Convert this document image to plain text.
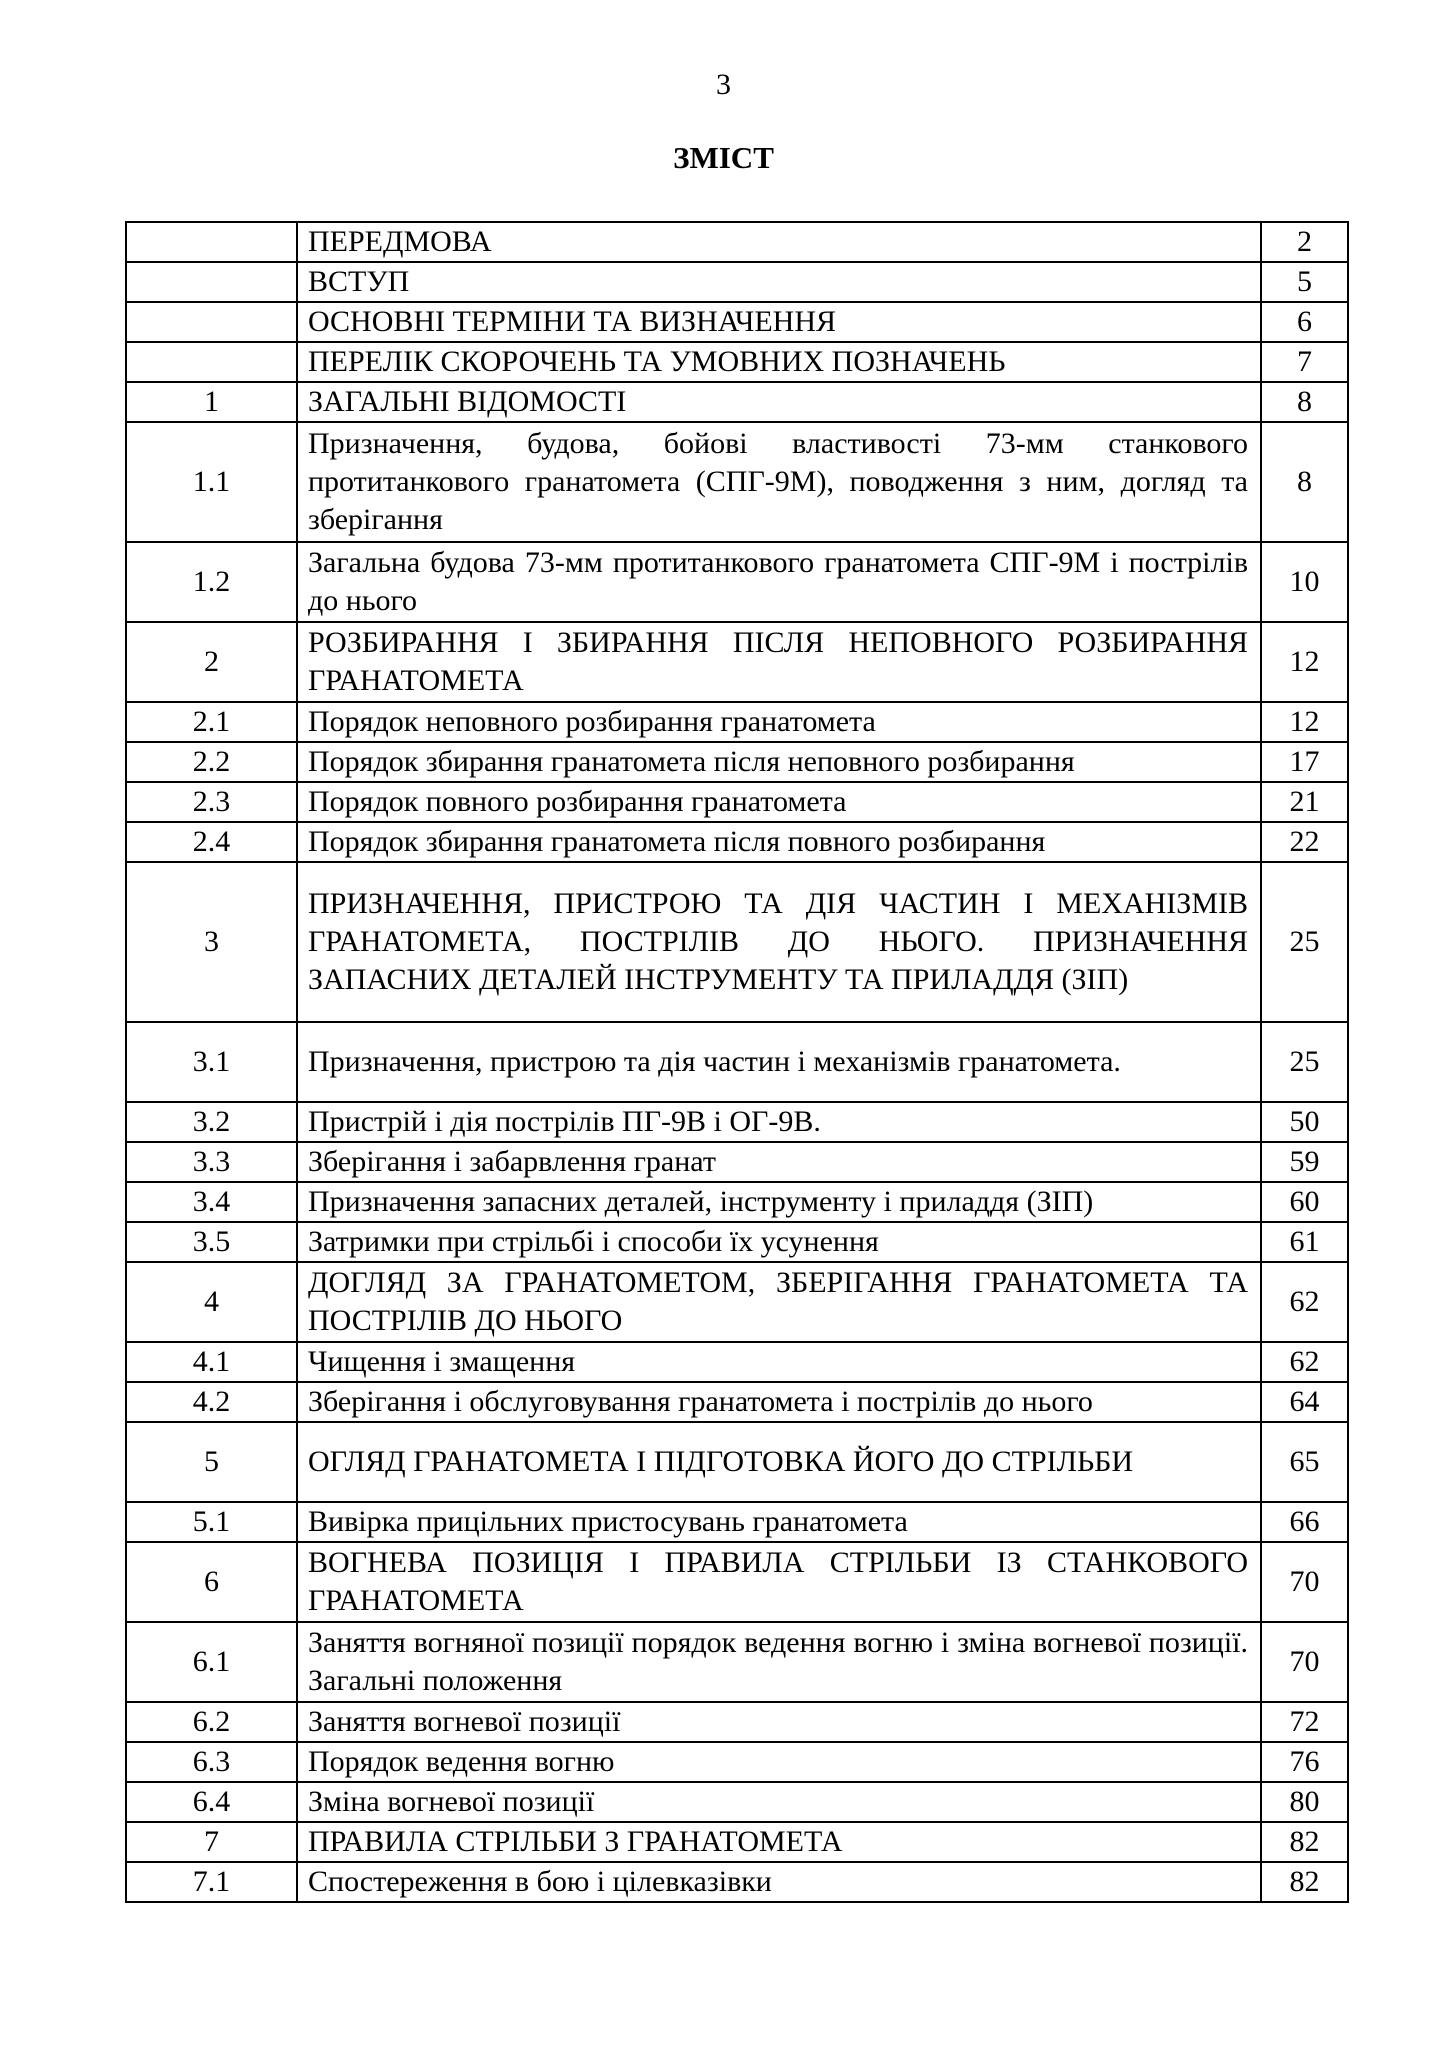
3
ЗМІСТ
	ПЕРЕДМОВА	2
	ВСТУП	5
	ОСНОВНІ ТЕРМІНИ ТА ВИЗНАЧЕННЯ	6
	ПЕРЕЛІК СКОРОЧЕНЬ ТА УМОВНИХ ПОЗНАЧЕНЬ	7
1	ЗАГАЛЬНІ ВІДОМОСТІ	8
1.1	Призначення, будова, бойові властивості 73-мм станкового протитанкового гранатомета (СПГ-9М), поводження з ним, догляд та зберігання	8
1.2	Загальна будова 73-мм протитанкового гранатомета СПГ-9М і пострілів до нього	10
2	РОЗБИРАННЯ І ЗБИРАННЯ ПІСЛЯ НЕПОВНОГО РОЗБИРАННЯ ГРАНАТОМЕТА	12
2.1	Порядок неповного розбирання гранатомета	12
2.2	Порядок збирання гранатомета після неповного розбирання	17
2.3	Порядок повного розбирання гранатомета	21
2.4	Порядок збирання гранатомета після повного розбирання	22
3	ПРИЗНАЧЕННЯ, ПРИСТРОЮ ТА ДІЯ ЧАСТИН І МЕХАНІЗМІВ ГРАНАТОМЕТА, ПОСТРІЛІВ ДО НЬОГО. ПРИЗНАЧЕННЯ ЗАПАСНИХ ДЕТАЛЕЙ ІНСТРУМЕНТУ ТА ПРИЛАДДЯ (ЗІП)	25
3.1	Призначення, пристрою та дія частин і механізмів гранатомета.	25
3.2	Пристрій і дія пострілів ПГ-9В і ОГ-9В.	50
3.3	Зберігання і забарвлення гранат	59
3.4	Призначення запасних деталей, інструменту і приладдя (ЗІП)	60
3.5	Затримки при стрільбі і способи їх усунення	61
4	ДОГЛЯД ЗА ГРАНАТОМЕТОМ, ЗБЕРІГАННЯ ГРАНАТОМЕТА ТА ПОСТРІЛІВ ДО НЬОГО	62
4.1	Чищення і змащення	62
4.2	Зберігання і обслуговування гранатомета і пострілів до нього	64
5	ОГЛЯД ГРАНАТОМЕТА І ПІДГОТОВКА ЙОГО ДО СТРІЛЬБИ	65
5.1	Вивірка прицільних пристосувань гранатомета	66
6	ВОГНЕВА ПОЗИЦІЯ І ПРАВИЛА СТРІЛЬБИ ІЗ СТАНКОВОГО ГРАНАТОМЕТА	70
6.1	Заняття вогняної позиції порядок ведення вогню і зміна вогневої позиції. Загальні положення	70
6.2	Заняття вогневої позиції	72
6.3	Порядок ведення вогню	76
6.4	Зміна вогневої позиції	80
7	ПРАВИЛА СТРІЛЬБИ З ГРАНАТОМЕТА	82
7.1	Спостереження в бою і цілевказівки	82
